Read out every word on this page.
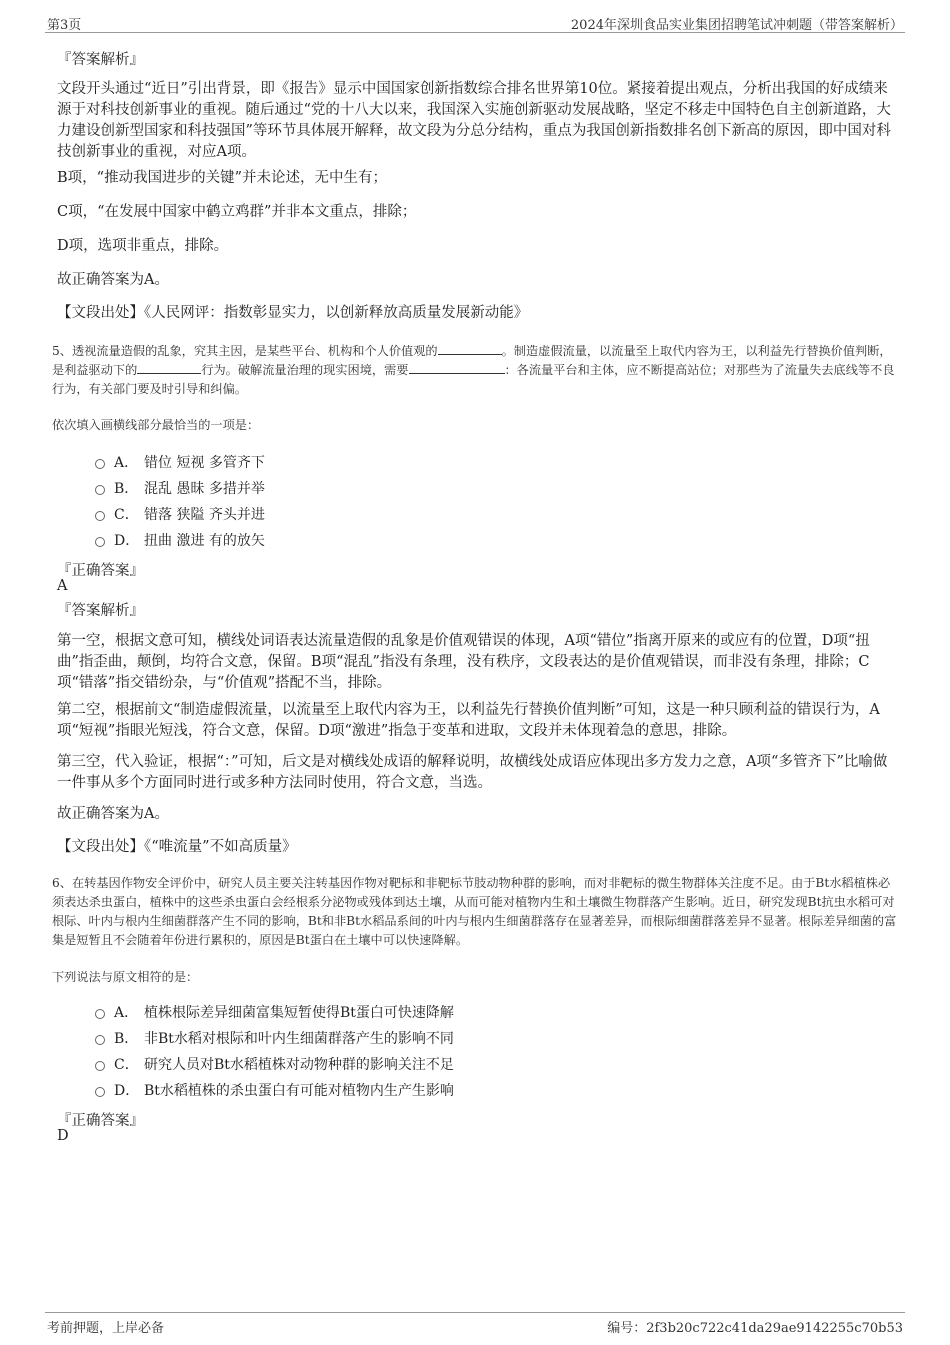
第3页	2024年深圳食品实业集团招聘笔试冲刺题（带答案解析）
『答案解析』
文段开头通过“近日”引出背景，即《报告》显示中国国家创新指数综合排名世界第10位。紧接着提出观点，分析出我国的好成绩来源于对科技创新事业的重视。随后通过“党的十八大以来，我国深入实施创新驱动发展战略，坚定不移走中国特色自主创新道路，大力建设创新型国家和科技强国”等环节具体展开解释，故文段为分总分结构，重点为我国创新指数排名创下新高的原因，即中国对科技创新事业的重视，对应A项。
B项，“推动我国进步的关键”并未论述，无中生有；
C项，“在发展中国家中鹤立鸡群”并非本文重点，排除；
D项，选项非重点，排除。
故正确答案为A。
【文段出处】《人民网评：指数彰显实力，以创新释放高质量发展新动能》
5、透视流量造假的乱象，究其主因，是某些平台、机构和个人价值观的	。制造虚假流量，以流量至上取代内容为王，以利益先行替换价值判断，是利益驱动下的	行为。破解流量治理的现实困境，需要	：各流量平台和主体，应不断提高站位；对那些为了流量失去底线等不良行为，有关部门要及时引导和纠偏。
依次填入画横线部分最恰当的一项是：
A． 错位 短视 多管齐下
B． 混乱 愚昧 多措并举
C． 错落 狭隘 齐头并进
D． 扭曲 激进 有的放矢
『正确答案』
A
『答案解析』
第一空，根据文意可知，横线处词语表达流量造假的乱象是价值观错误的体现，A项“错位”指离开原来的或应有的位置，D项“扭曲”指歪曲，颠倒，均符合文意，保留。B项“混乱”指没有条理，没有秩序，文段表达的是价值观错误，而非没有条理，排除；C项“错落”指交错纷杂，与“价值观”搭配不当，排除。
第二空，根据前文“制造虚假流量，以流量至上取代内容为王，以利益先行替换价值判断”可知，这是一种只顾利益的错误行为，A项“短视”指眼光短浅，符合文意，保留。D项“激进”指急于变革和进取，文段并未体现着急的意思，排除。
第三空，代入验证，根据“：”可知，后文是对横线处成语的解释说明，故横线处成语应体现出多方发力之意，A项“多管齐下”比喻做一件事从多个方面同时进行或多种方法同时使用，符合文意，当选。
故正确答案为A。
【文段出处】《“唯流量”不如高质量》
6、在转基因作物安全评价中，研究人员主要关注转基因作物对靶标和非靶标节肢动物种群的影响，而对非靶标的微生物群体关注度不足。由于Bt水稻植株必须表达杀虫蛋白，植株中的这些杀虫蛋白会经根系分泌物或残体到达土壤，从而可能对植物内生和土壤微生物群落产生影响。近日，研究发现Bt抗虫水稻可对根际、叶内与根内生细菌群落产生不同的影响，Bt和非Bt水稻品系间的叶内与根内生细菌群落存在显著差异，而根际细菌群落差异不显著。根际差异细菌的富集是短暂且不会随着年份进行累积的，原因是Bt蛋白在土壤中可以快速降解。
下列说法与原文相符的是：
A． 植株根际差异细菌富集短暂使得Bt蛋白可快速降解
B． 非Bt水稻对根际和叶内生细菌群落产生的影响不同
C． 研究人员对Bt水稻植株对动物种群的影响关注不足
D． Bt水稻植株的杀虫蛋白有可能对植物内生产生影响
『正确答案』
D
考前押题，上岸必备	编号：2f3b20c722c41da29ae9142255c70b53
